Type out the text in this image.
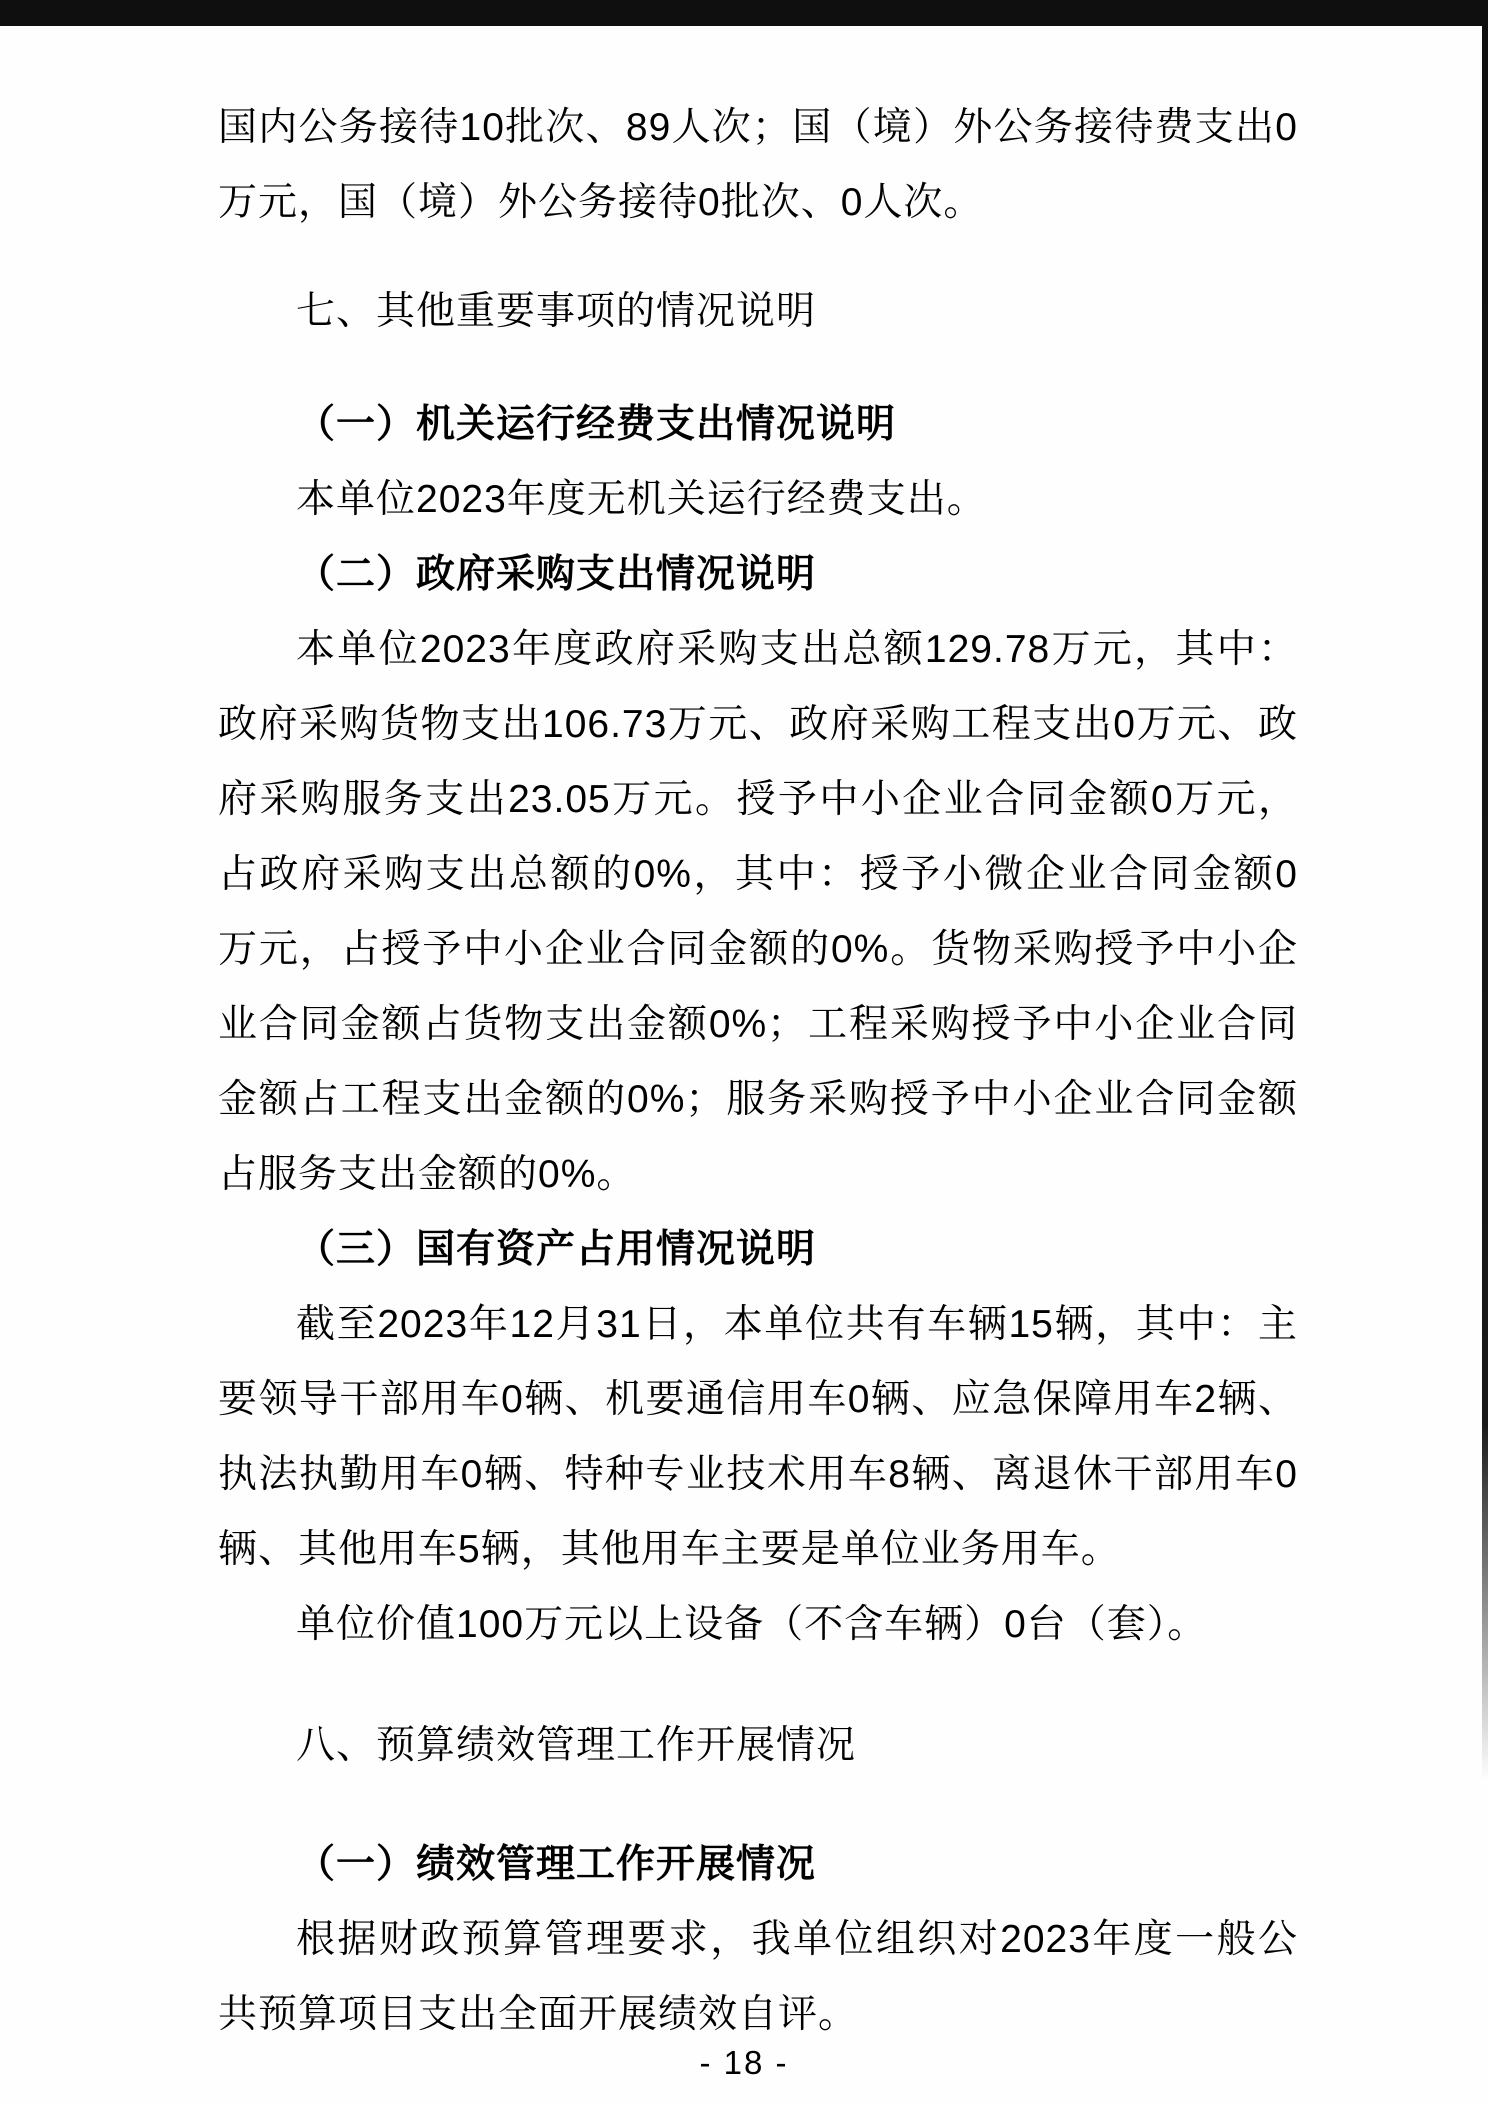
国内公务接待10批次、89人次；国（境）外公务接待费支出0万元，国（境）外公务接待0批次、0人次。

七、其他重要事项的情况说明

（一）机关运行经费支出情况说明

本单位2023年度无机关运行经费支出。

（二）政府采购支出情况说明

本单位2023年度政府采购支出总额129.78万元，其中：政府采购货物支出106.73万元、政府采购工程支出0万元、政府采购服务支出23.05万元。授予中小企业合同金额0万元，占政府采购支出总额的0%，其中：授予小微企业合同金额0万元，占授予中小企业合同金额的0%。货物采购授予中小企业合同金额占货物支出金额0%；工程采购授予中小企业合同金额占工程支出金额的0%；服务采购授予中小企业合同金额占服务支出金额的0%。

（三）国有资产占用情况说明

截至2023年12月31日，本单位共有车辆15辆，其中：主要领导干部用车0辆、机要通信用车0辆、应急保障用车2辆、执法执勤用车0辆、特种专业技术用车8辆、离退休干部用车0辆、其他用车5辆，其他用车主要是单位业务用车。

单位价值100万元以上设备（不含车辆）0台（套）。

八、预算绩效管理工作开展情况

（一）绩效管理工作开展情况

根据财政预算管理要求，我单位组织对2023年度一般公共预算项目支出全面开展绩效自评。

- 18 -
